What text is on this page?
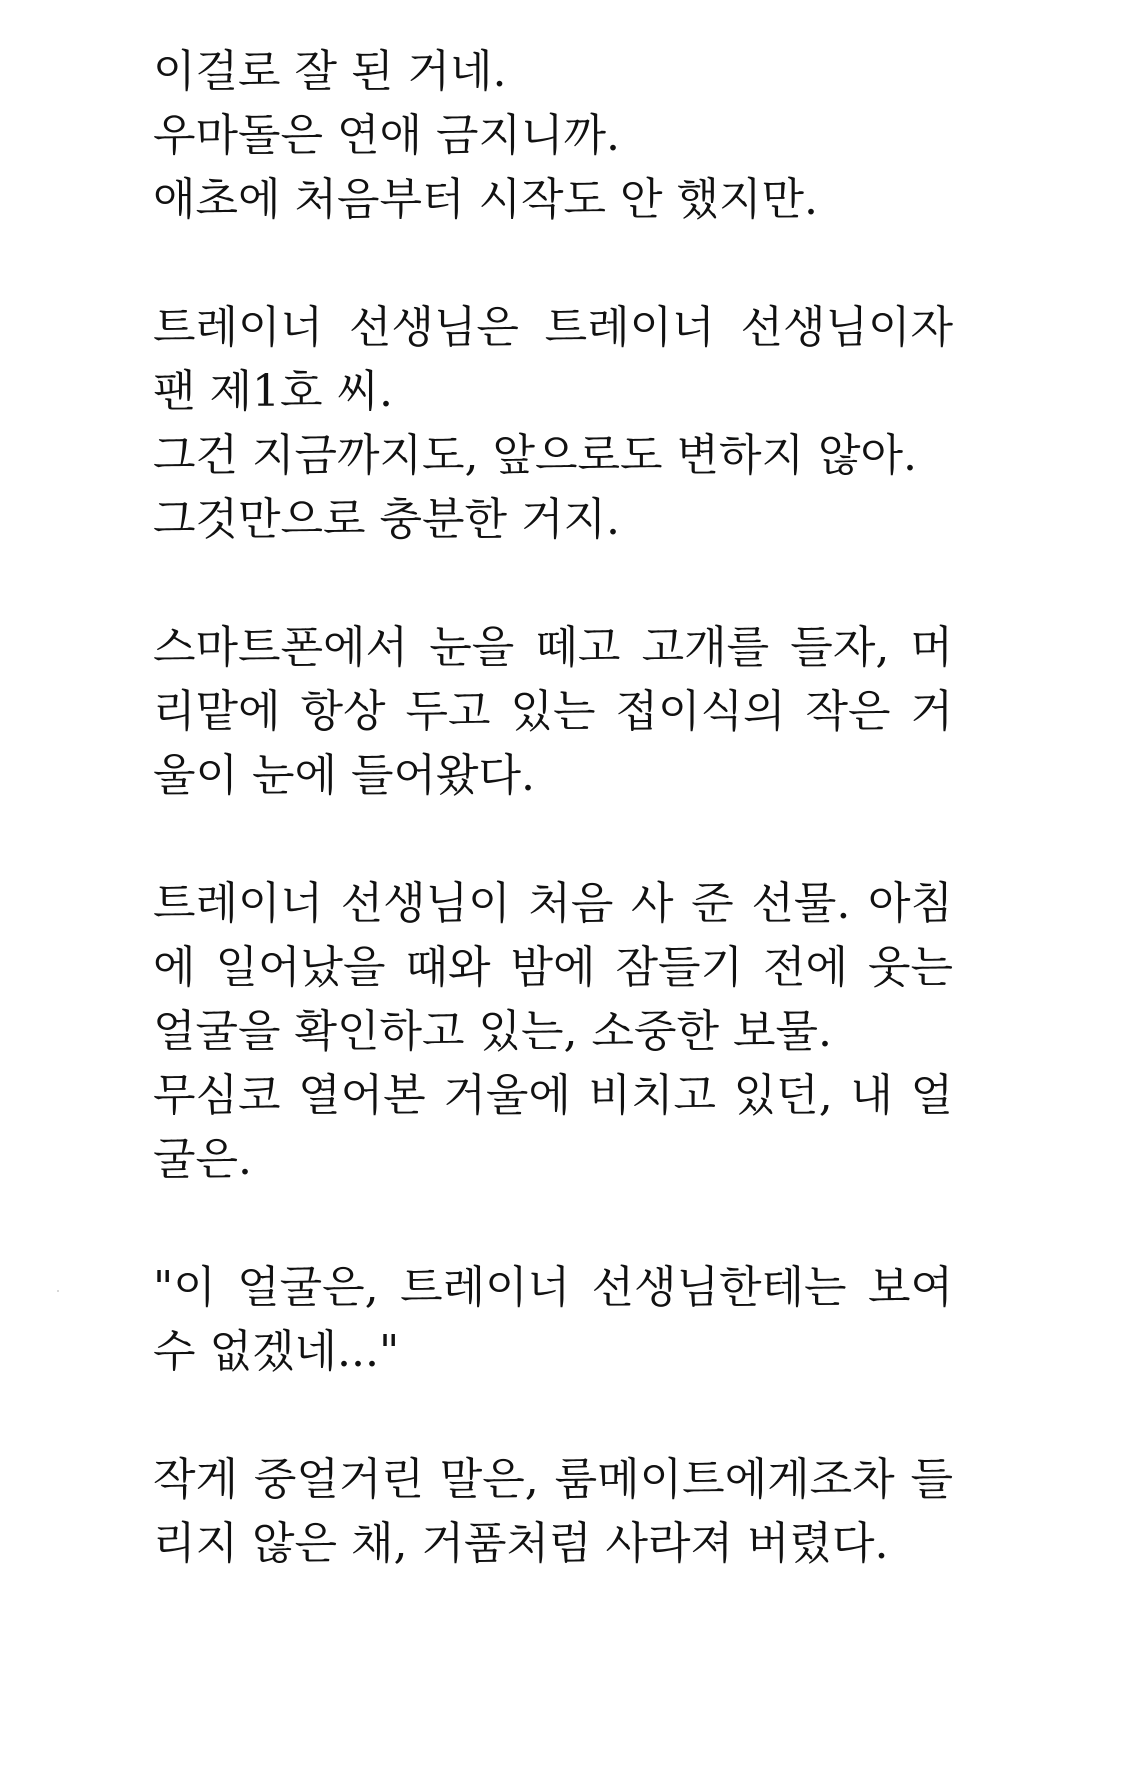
이걸로 잘 된 거네.
우마돌은 연애 금지니까.
애초에 처음부터 시작도 안 했지만.
트레이너 선생님은 트레이너 선생님이자
팬 제1호 씨.
그건 지금까지도, 앞으로도 변하지 않아.
그것만으로 충분한 거지.
스마트폰에서 눈을 떼고 고개를 들자, 머
리맡에 항상 두고 있는 접이식의 작은 거
울이 눈에 들어왔다.
트레이너 선생님이 처음 사 준 선물. 아침
에 일어났을 때와 밤에 잠들기 전에 웃는
얼굴을 확인하고 있는, 소중한 보물.
무심코 열어본 거울에 비치고 있던, 내 얼
굴은.
"이 얼굴은, 트레이너 선생님한테는 보여
수 없겠네..."
작게 중얼거린 말은, 룸메이트에게조차 들
리지 않은 채, 거품처럼 사라져 버렸다.
